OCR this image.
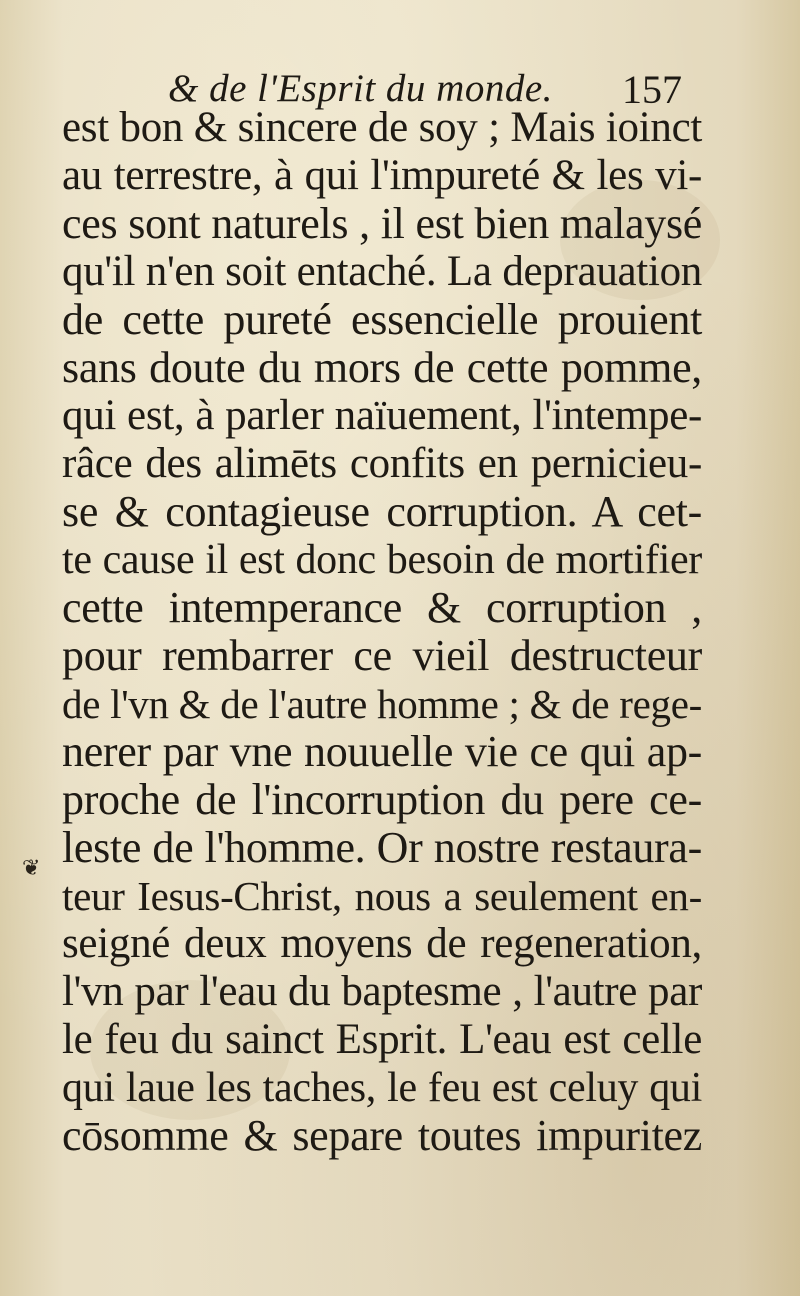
& de l'Esprit du monde. 157
❦
est bon & sincere de soy ; Mais ioinct
au terrestre, à qui l'impureté & les vi-
ces sont naturels , il est bien malaysé
qu'il n'en soit entaché. La deprauation
de cette pureté essencielle prouient
sans doute du mors de cette pomme,
qui est, à parler naïuement, l'intempe-
râce des alimēts confits en pernicieu-
se & contagieuse corruption. A cet-
te cause il est donc besoin de mortifier
cette intemperance & corruption ,
pour rembarrer ce vieil destructeur
de l'vn & de l'autre homme ; & de rege-
nerer par vne nouuelle vie ce qui ap-
proche de l'incorruption du pere ce-
leste de l'homme. Or nostre restaura-
teur Iesus-Christ, nous a seulement en-
seigné deux moyens de regeneration,
l'vn par l'eau du baptesme , l'autre par
le feu du sainct Esprit. L'eau est celle
qui laue les taches, le feu est celuy qui
cōsomme & separe toutes impuritez
